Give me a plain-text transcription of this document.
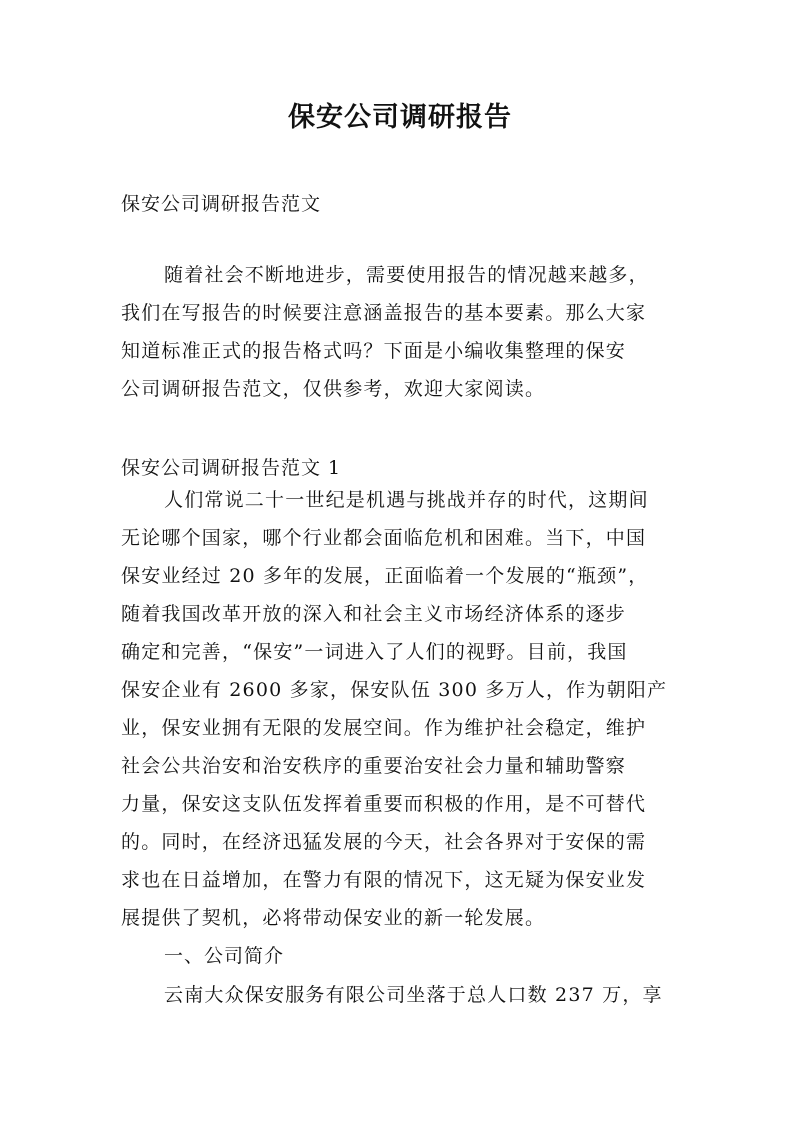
保安公司调研报告
保安公司调研报告范文
随着社会不断地进步，需要使用报告的情况越来越多，
我们在写报告的时候要注意涵盖报告的基本要素。那么大家
知道标准正式的报告格式吗？下面是小编收集整理的保安
公司调研报告范文，仅供参考，欢迎大家阅读。
保安公司调研报告范文 1
人们常说二十一世纪是机遇与挑战并存的时代，这期间
无论哪个国家，哪个行业都会面临危机和困难。当下，中国
保安业经过 20 多年的发展，正面临着一个发展的“瓶颈”，
随着我国改革开放的深入和社会主义市场经济体系的逐步
确定和完善，“保安”一词进入了人们的视野。目前，我国
保安企业有 2600 多家，保安队伍 300 多万人，作为朝阳产
业，保安业拥有无限的发展空间。作为维护社会稳定，维护
社会公共治安和治安秩序的重要治安社会力量和辅助警察
力量，保安这支队伍发挥着重要而积极的作用，是不可替代
的。同时，在经济迅猛发展的今天，社会各界对于安保的需
求也在日益增加，在警力有限的情况下，这无疑为保安业发
展提供了契机，必将带动保安业的新一轮发展。
一、公司简介
云南大众保安服务有限公司坐落于总人口数 237 万，享
